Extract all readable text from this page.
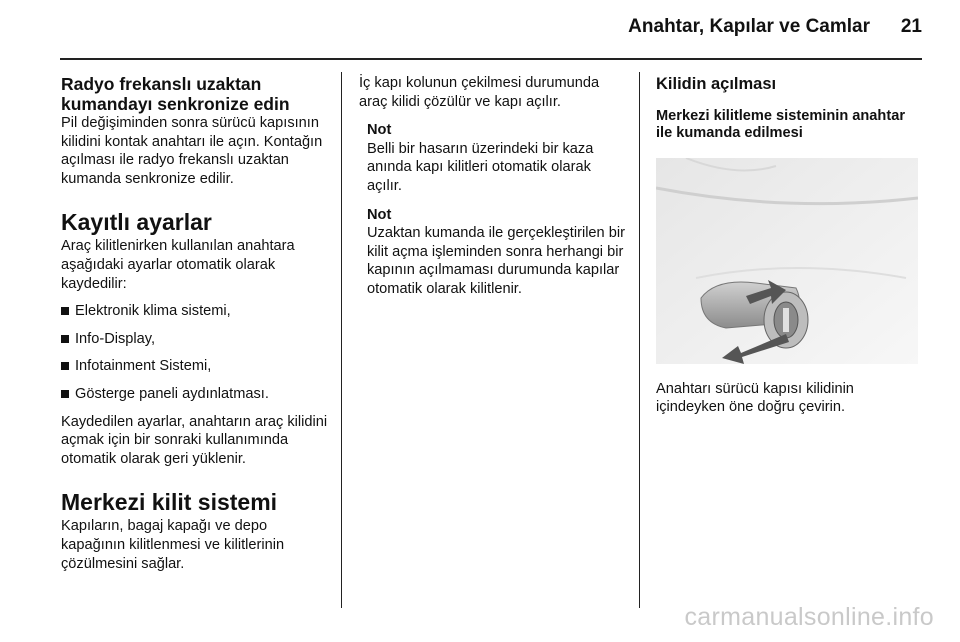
Anahtar, Kapılar ve Camlar 21
Radyo frekanslı uzaktan kumandayı senkronize edin

Pil değişiminden sonra sürücü kapısının kilidini kontak anahtarı ile açın. Kontağın açılması ile radyo frekanslı uzaktan kumanda senkronize edilir.

Kayıtlı ayarlar

Araç kilitlenirken kullanılan anahtara aşağıdaki ayarlar otomatik olarak kaydedilir:

Elektronik klima sistemi,
Info-Display,
Infotainment Sistemi,
Gösterge paneli aydınlatması.

Kaydedilen ayarlar, anahtarın araç kilidini açmak için bir sonraki kullanımında otomatik olarak geri yüklenir.

Merkezi kilit sistemi

Kapıların, bagaj kapağı ve depo kapağının kilitlenmesi ve kilitlerinin çözülmesini sağlar.

İç kapı kolunun çekilmesi durumunda araç kilidi çözülür ve kapı açılır.

Not

Belli bir hasarın üzerindeki bir kaza anında kapı kilitleri otomatik olarak açılır.

Not

Uzaktan kumanda ile gerçekleştirilen bir kilit açma işleminden sonra herhangi bir kapının açılmaması durumunda kapılar otomatik olarak kilitlenir.

Kilidin açılması
Merkezi kilitleme sisteminin anahtar ile kumanda edilmesi

Anahtarı sürücü kapısı kilidinin içindeyken öne doğru çevirin.

carmanualsonline.info
